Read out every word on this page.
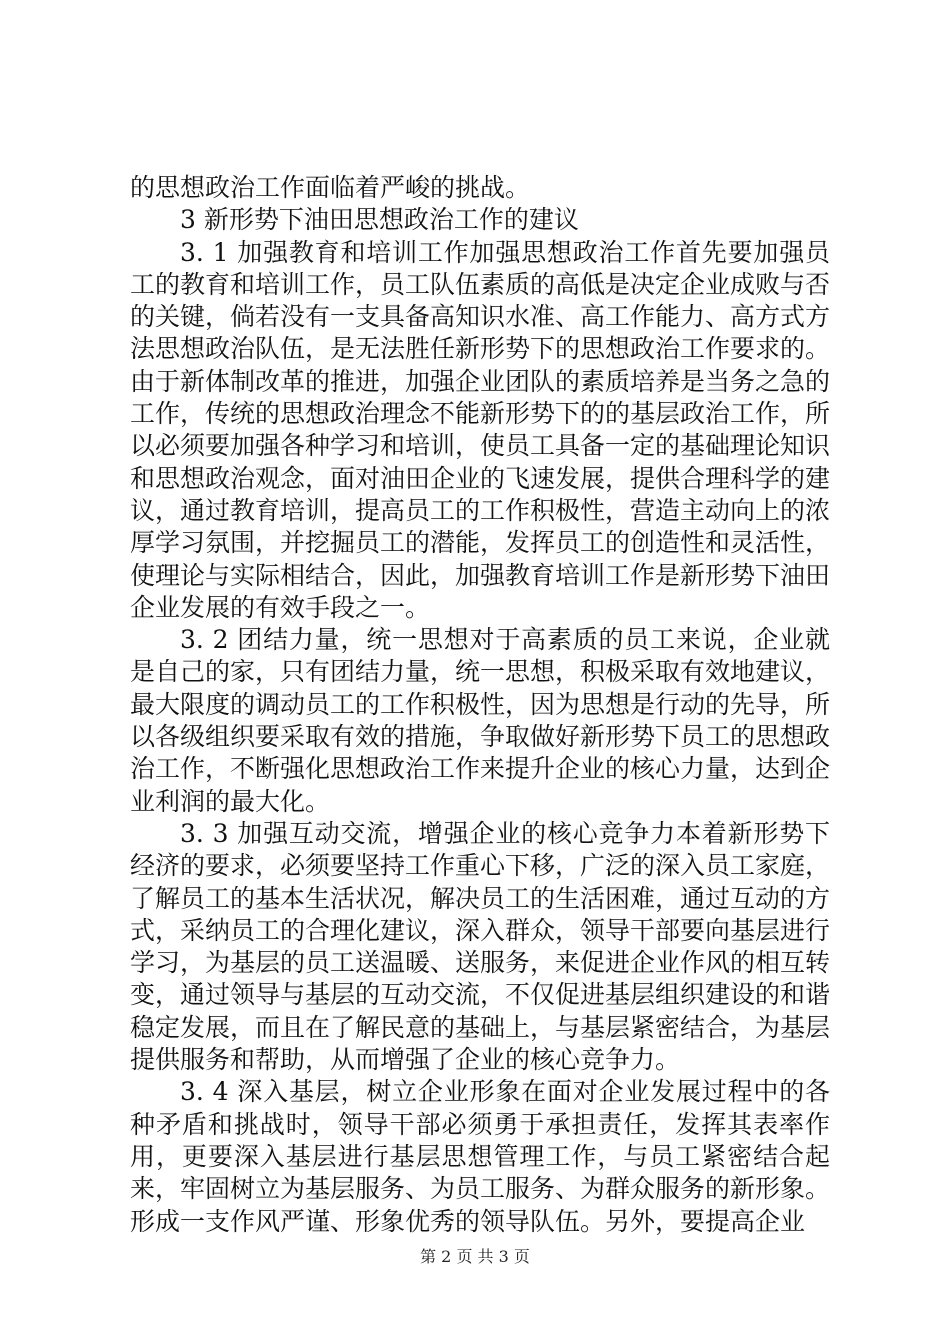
的思想政治工作面临着严峻的挑战。

3 新形势下油田思想政治工作的建议

3. 1 加强教育和培训工作加强思想政治工作首先要加强员工的教育和培训工作，员工队伍素质的高低是决定企业成败与否的关键，倘若没有一支具备高知识水准、高工作能力、高方式方法思想政治队伍，是无法胜任新形势下的思想政治工作要求的。由于新体制改革的推进，加强企业团队的素质培养是当务之急的工作，传统的思想政治理念不能新形势下的的基层政治工作，所以必须要加强各种学习和培训，使员工具备一定的基础理论知识和思想政治观念，面对油田企业的飞速发展，提供合理科学的建议，通过教育培训，提高员工的工作积极性，营造主动向上的浓厚学习氛围，并挖掘员工的潜能，发挥员工的创造性和灵活性，使理论与实际相结合，因此，加强教育培训工作是新形势下油田企业发展的有效手段之一。

3. 2 团结力量，统一思想对于高素质的员工来说，企业就是自己的家，只有团结力量，统一思想，积极采取有效地建议，最大限度的调动员工的工作积极性，因为思想是行动的先导，所以各级组织要采取有效的措施，争取做好新形势下员工的思想政治工作，不断强化思想政治工作来提升企业的核心力量，达到企业利润的最大化。

3. 3 加强互动交流，增强企业的核心竞争力本着新形势下经济的要求，必须要坚持工作重心下移，广泛的深入员工家庭，了解员工的基本生活状况，解决员工的生活困难，通过互动的方式，采纳员工的合理化建议，深入群众，领导干部要向基层进行学习，为基层的员工送温暖、送服务，来促进企业作风的相互转变，通过领导与基层的互动交流，不仅促进基层组织建设的和谐稳定发展，而且在了解民意的基础上，与基层紧密结合，为基层提供服务和帮助，从而增强了企业的核心竞争力。

3. 4 深入基层，树立企业形象在面对企业发展过程中的各种矛盾和挑战时，领导干部必须勇于承担责任，发挥其表率作用，更要深入基层进行基层思想管理工作，与员工紧密结合起来，牢固树立为基层服务、为员工服务、为群众服务的新形象。形成一支作风严谨、形象优秀的领导队伍。另外，要提高企业

第 2 页 共 3 页
